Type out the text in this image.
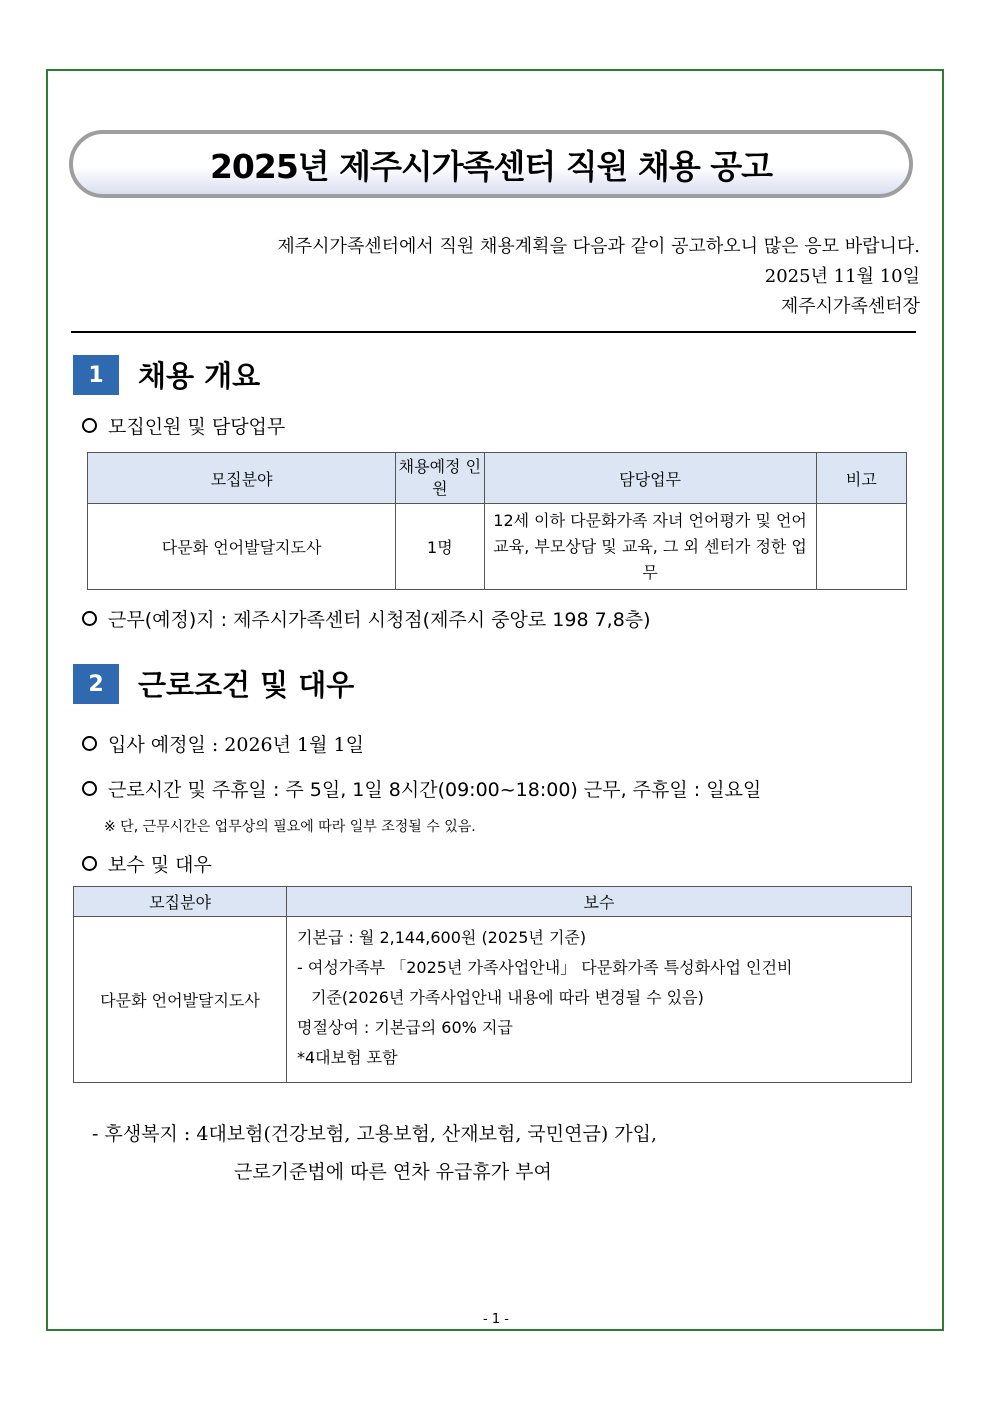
2025년 제주시가족센터 직원 채용 공고
제주시가족센터에서 직원 채용계획을 다음과 같이 공고하오니 많은 응모 바랍니다.
2025년 11월 10일
제주시가족센터장
1	채용 개요
모집인원 및 담당업무
모집분야	채용예정 인원	담당업무	비고
다문화 언어발달지도사	1명	12세 이하 다문화가족 자녀 언어평가 및 언어교육, 부모상담 및 교육, 그 외 센터가 정한 업무	
근무(예정)지 : 제주시가족센터 시청점(제주시 중앙로 198 7,8층)
2	근로조건 및 대우
입사 예정일 : 2026년 1월 1일
근로시간 및 주휴일 : 주 5일, 1일 8시간(09:00~18:00) 근무, 주휴일 : 일요일
※ 단, 근무시간은 업무상의 필요에 따라 일부 조정될 수 있음.
보수 및 대우
모집분야	보수
다문화 언어발달지도사	기본급 : 월 2,144,600원 (2025년 기준)
- 여성가족부 「2025년 가족사업안내」 다문화가족 특성화사업 인건비
기준(2026년 가족사업안내 내용에 따라 변경될 수 있음)
명절상여 : 기본급의 60% 지급
*4대보험 포함
- 후생복지 : 4대보험(건강보험, 고용보험, 산재보험, 국민연금) 가입,
근로기준법에 따른 연차 유급휴가 부여
- 1 -
